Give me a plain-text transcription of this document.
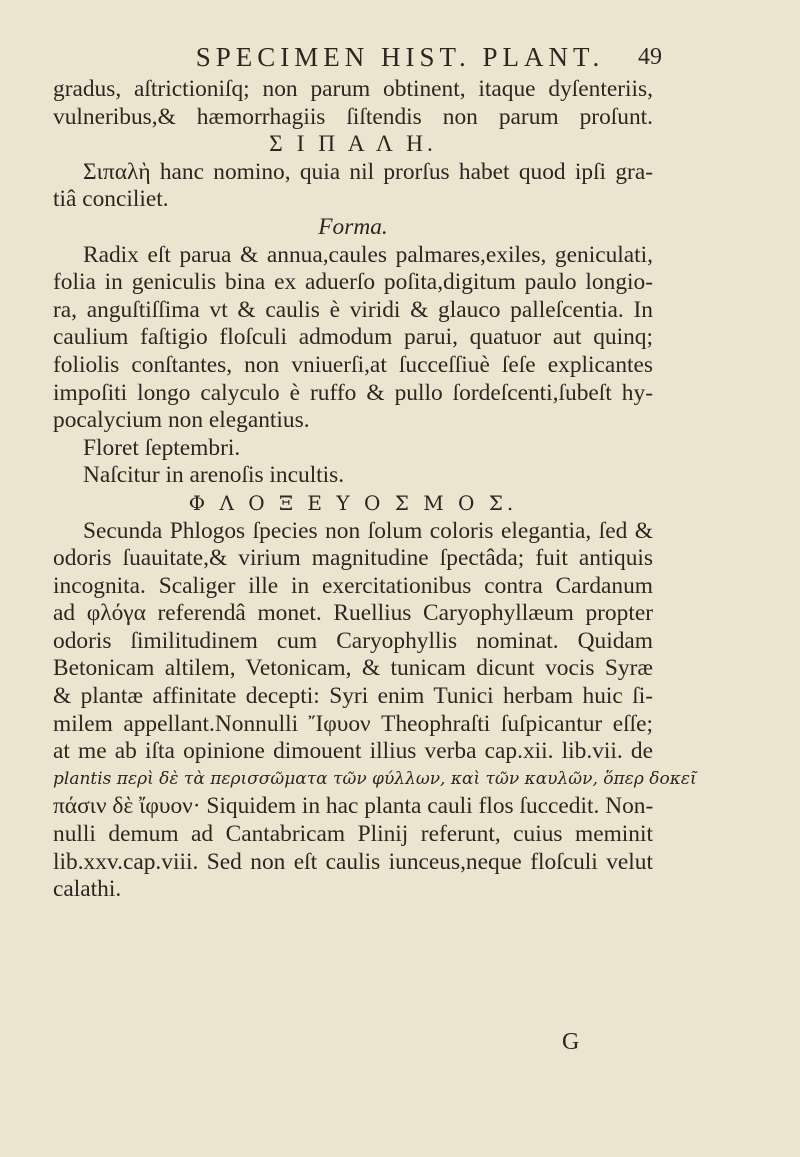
SPECIMEN HIST. PLANT.	49
gradus, aſtrictioniſq; non parum obtinent, itaque dyſenteriis,
vulneribus,& hæmorrhagiis ſiſtendis non parum proſunt.
Σ Ι Π Α Λ Η.
Σιπαλὴ hanc nomino, quia nil prorſus habet quod ipſi gra-
tiâ conciliet.
Forma.
Radix eſt parua & annua,caules palmares,exiles, geniculati,
folia in geniculis bina ex aduerſo poſita,digitum paulo longio-
ra, anguſtiſſima vt & caulis è viridi & glauco palleſcentia. In
caulium faſtigio floſculi admodum parui, quatuor aut quinq;
foliolis conſtantes, non vniuerſi,at ſucceſſiuè ſeſe explicantes
impoſiti longo calyculo è ruffo & pullo ſordeſcenti,ſubeſt hy-
pocalycium non elegantius.
Floret ſeptembri.
Naſcitur in arenoſis incultis.
Φ Λ Ο Ξ Ε Υ Ο Σ Μ Ο Σ.
Secunda Phlogos ſpecies non ſolum coloris elegantia, ſed &
odoris ſuauitate,& virium magnitudine ſpectâda; fuit antiquis
incognita. Scaliger ille in exercitationibus contra Cardanum
ad φλόγα referendâ monet. Ruellius Caryophyllæum propter
odoris ſimilitudinem cum Caryophyllis nominat. Quidam
Betonicam altilem, Vetonicam, & tunicam dicunt vocis Syræ
& plantæ affinitate decepti: Syri enim Tunici herbam huic ſi-
milem appellant.Nonnulli Ἴφυον Theophraſti ſuſpicantur eſſe;
at me ab iſta opinione dimouent illius verba cap.xii. lib.vii. de
plantis περὶ δὲ τὰ περισσῶματα τῶν φύλλων, καὶ τῶν καυλῶν, ὅπερ δοκεῖ
πάσιν δὲ ἴφυον· Siquidem in hac planta cauli flos ſuccedit. Non-
nulli demum ad Cantabricam Plinij referunt, cuius meminit
lib.xxv.cap.viii. Sed non eſt caulis iunceus,neque floſculi velut
calathi.
G
